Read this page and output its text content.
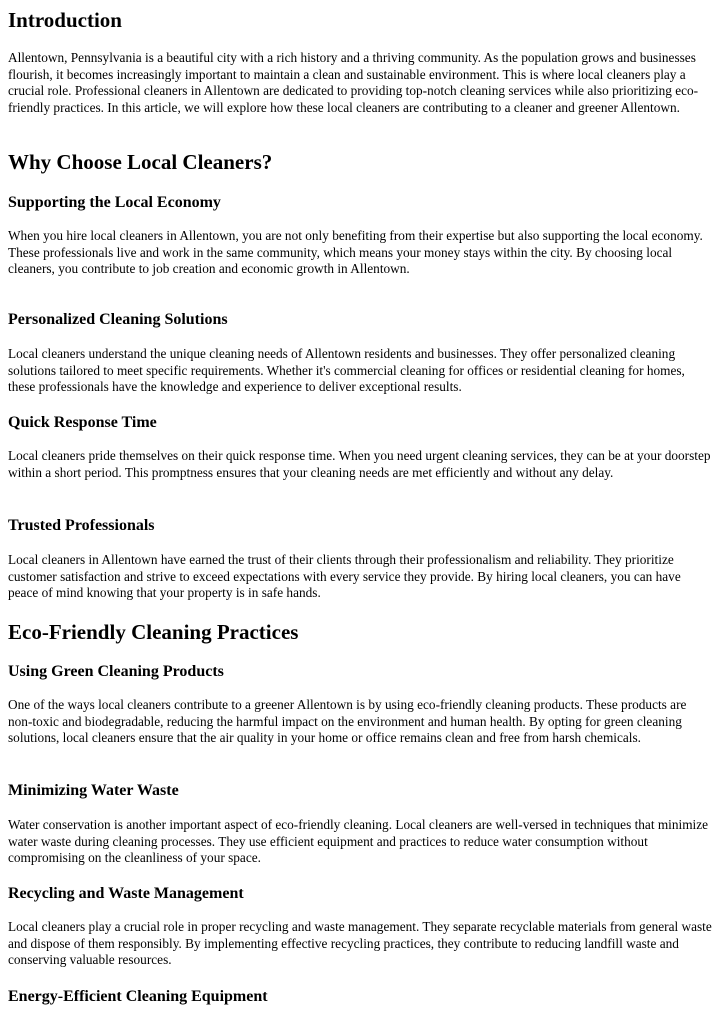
Introduction

Allentown, Pennsylvania is a beautiful city with a rich history and a thriving community. As the population grows and businesses flourish, it becomes increasingly important to maintain a clean and sustainable environment. This is where local cleaners play a crucial role. Professional cleaners in Allentown are dedicated to providing top-notch cleaning services while also prioritizing eco-friendly practices. In this article, we will explore how these local cleaners are contributing to a cleaner and greener Allentown.

Why Choose Local Cleaners?
Supporting the Local Economy

When you hire local cleaners in Allentown, you are not only benefiting from their expertise but also supporting the local economy. These professionals live and work in the same community, which means your money stays within the city. By choosing local cleaners, you contribute to job creation and economic growth in Allentown.

Personalized Cleaning Solutions

Local cleaners understand the unique cleaning needs of Allentown residents and businesses. They offer personalized cleaning solutions tailored to meet specific requirements. Whether it's commercial cleaning for offices or residential cleaning for homes, these professionals have the knowledge and experience to deliver exceptional results.

Quick Response Time

Local cleaners pride themselves on their quick response time. When you need urgent cleaning services, they can be at your doorstep within a short period. This promptness ensures that your cleaning needs are met efficiently and without any delay.

Trusted Professionals

Local cleaners in Allentown have earned the trust of their clients through their professionalism and reliability. They prioritize customer satisfaction and strive to exceed expectations with every service they provide. By hiring local cleaners, you can have peace of mind knowing that your property is in safe hands.

Eco-Friendly Cleaning Practices
Using Green Cleaning Products

One of the ways local cleaners contribute to a greener Allentown is by using eco-friendly cleaning products. These products are non-toxic and biodegradable, reducing the harmful impact on the environment and human health. By opting for green cleaning solutions, local cleaners ensure that the air quality in your home or office remains clean and free from harsh chemicals.

Minimizing Water Waste

Water conservation is another important aspect of eco-friendly cleaning. Local cleaners are well-versed in techniques that minimize water waste during cleaning processes. They use efficient equipment and practices to reduce water consumption without compromising on the cleanliness of your space.

Recycling and Waste Management

Local cleaners play a crucial role in proper recycling and waste management. They separate recyclable materials from general waste and dispose of them responsibly. By implementing effective recycling practices, they contribute to reducing landfill waste and conserving valuable resources.

Energy-Efficient Cleaning Equipment
